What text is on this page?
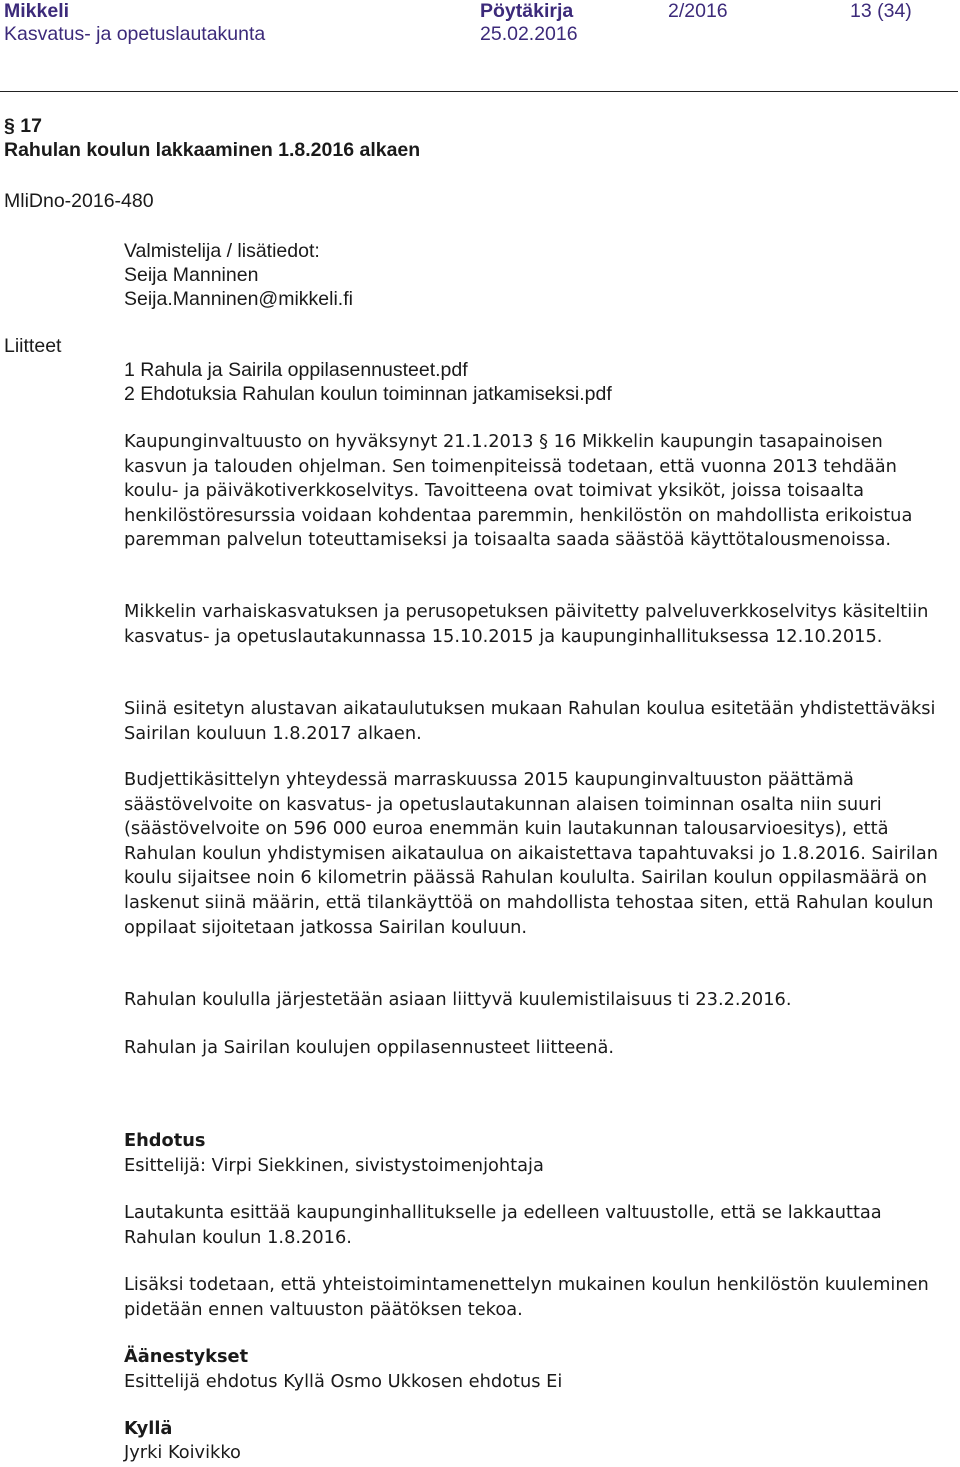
Mikkeli
Kasvatus- ja opetuslautakunta
Pöytäkirja
25.02.2016
2/2016	13 (34)
§ 17
Rahulan koulun lakkaaminen 1.8.2016 alkaen
MliDno-2016-480
Valmistelija / lisätiedot:
Seija Manninen
Seija.Manninen@mikkeli.fi
Liitteet
1 Rahula ja Sairila oppilasennusteet.pdf
2 Ehdotuksia Rahulan koulun toiminnan jatkamiseksi.pdf

Kaupunginvaltuusto on hyväksynyt 21.1.2013 § 16 Mikkelin kaupungin tasapainoisen kasvun ja talouden ohjelman. Sen toimenpiteissä todetaan, että vuonna 2013 tehdään koulu- ja päiväkotiverkkoselvitys. Tavoitteena ovat toimivat yksiköt, joissa toisaalta henkilöstöresurssia voidaan kohdentaa paremmin, henkilöstön on mahdollista erikoistua paremman palvelun toteuttamiseksi ja toisaalta saada säästöä käyttötalousmenoissa.

Mikkelin varhaiskasvatuksen ja perusopetuksen päivitetty palveluverkkoselvitys käsiteltiin kasvatus- ja opetuslautakunnassa 15.10.2015 ja kaupunginhallituksessa 12.10.2015.

Siinä esitetyn alustavan aikataulutuksen mukaan Rahulan koulua esitetään yhdistettäväksi Sairilan kouluun 1.8.2017 alkaen.

Budjettikäsittelyn yhteydessä marraskuussa 2015 kaupunginvaltuuston päättämä säästövelvoite on kasvatus- ja opetuslautakunnan alaisen toiminnan osalta niin suuri (säästövelvoite on 596 000 euroa enemmän kuin lautakunnan talousarvioesitys), että Rahulan koulun yhdistymisen aikataulua on aikaistettava tapahtuvaksi jo 1.8.2016. Sairilan koulu sijaitsee noin 6 kilometrin päässä Rahulan koululta. Sairilan koulun oppilasmäärä on laskenut siinä määrin, että tilankäyttöä on mahdollista tehostaa siten, että Rahulan koulun oppilaat sijoitetaan jatkossa Sairilan kouluun.

Rahulan koululla järjestetään asiaan liittyvä kuulemistilaisuus ti 23.2.2016.

Rahulan ja Sairilan koulujen oppilasennusteet liitteenä.

Ehdotus
Esittelijä: Virpi Siekkinen, sivistystoimenjohtaja

Lautakunta esittää kaupunginhallitukselle ja edelleen valtuustolle, että se lakkauttaa Rahulan koulun 1.8.2016.

Lisäksi todetaan, että yhteistoimintamenettelyn mukainen koulun henkilöstön kuuleminen pidetään ennen valtuuston päätöksen tekoa.

Äänestykset
Esittelijä ehdotus Kyllä Osmo Ukkosen ehdotus Ei
Kyllä
Jyrki Koivikko
